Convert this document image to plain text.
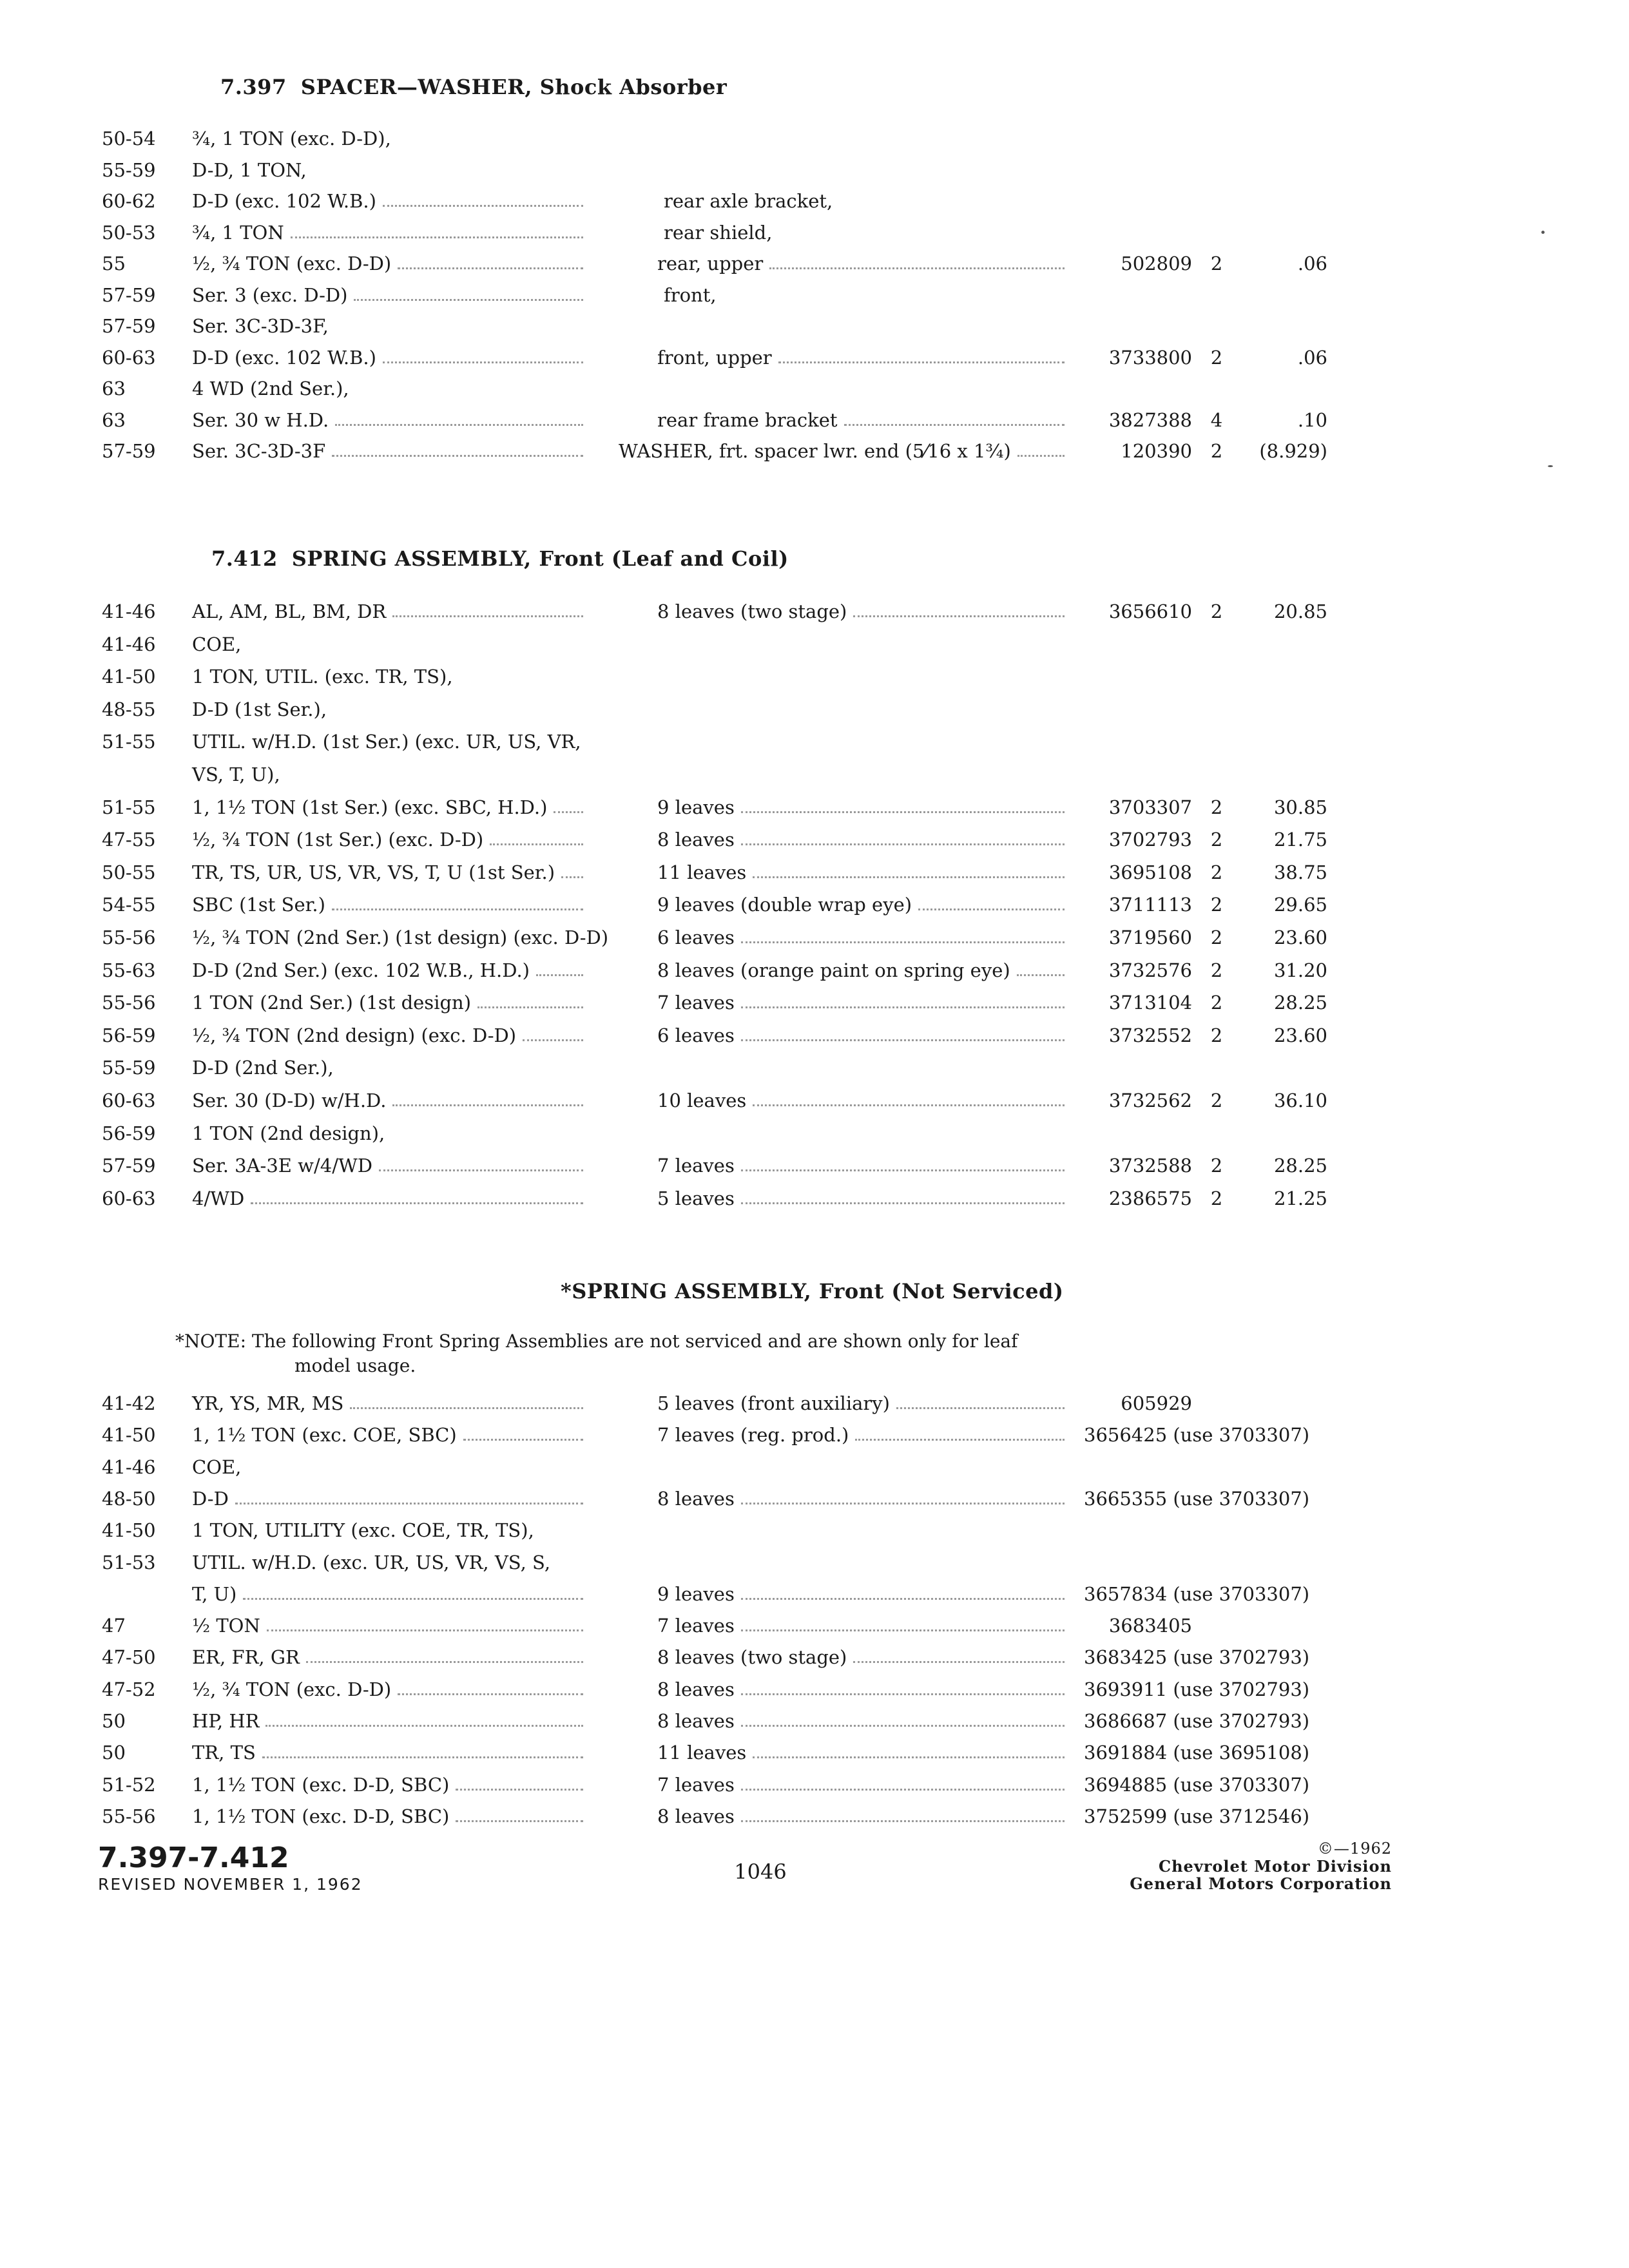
7.397 SPACER—WASHER, Shock Absorber
50-54	¾, 1 TON (exc. D-D),
55-59	D-D, 1 TON,
60-62	D-D (exc. 102 W.B.)	rear axle bracket,
50-53	¾, 1 TON	rear shield,
55	½, ¾ TON (exc. D-D)	rear, upper	502809 2	.06
57-59	Ser. 3 (exc. D-D)	front,
57-59	Ser. 3C-3D-3F,
60-63	D-D (exc. 102 W.B.)	front, upper	3733800 2	.06
63	4 WD (2nd Ser.),
63	Ser. 30 w H.D.	rear frame bracket	3827388 4	.10
57-59	Ser. 3C-3D-3F	WASHER, frt. spacer lwr. end (5⁄16 x 1¾)	120390 2	(8.929)
7.412 SPRING ASSEMBLY, Front (Leaf and Coil)
41-46	AL, AM, BL, BM, DR	8 leaves (two stage)	3656610 2	20.85
41-46	COE,
41-50	1 TON, UTIL. (exc. TR, TS),
48-55	D-D (1st Ser.),
51-55	UTIL. w/H.D. (1st Ser.) (exc. UR, US, VR,
VS, T, U),
51-55	1, 1½ TON (1st Ser.) (exc. SBC, H.D.)	9 leaves	3703307 2	30.85
47-55	½, ¾ TON (1st Ser.) (exc. D-D)	8 leaves	3702793 2	21.75
50-55	TR, TS, UR, US, VR, VS, T, U (1st Ser.)	11 leaves	3695108 2	38.75
54-55	SBC (1st Ser.)	9 leaves (double wrap eye)	3711113 2	29.65
55-56	½, ¾ TON (2nd Ser.) (1st design) (exc. D-D)	6 leaves	3719560 2	23.60
55-63	D-D (2nd Ser.) (exc. 102 W.B., H.D.)	8 leaves (orange paint on spring eye)	3732576 2	31.20
55-56	1 TON (2nd Ser.) (1st design)	7 leaves	3713104 2	28.25
56-59	½, ¾ TON (2nd design) (exc. D-D)	6 leaves	3732552 2	23.60
55-59	D-D (2nd Ser.),
60-63	Ser. 30 (D-D) w/H.D.	10 leaves	3732562 2	36.10
56-59	1 TON (2nd design),
57-59	Ser. 3A-3E w/4/WD	7 leaves	3732588 2	28.25
60-63	4/WD	5 leaves	2386575 2	21.25
*SPRING ASSEMBLY, Front (Not Serviced)
*NOTE: The following Front Spring Assemblies are not serviced and are shown only for leaf
model usage.
41-42	YR, YS, MR, MS	5 leaves (front auxiliary)	605929
41-50	1, 1½ TON (exc. COE, SBC)	7 leaves (reg. prod.)	3656425 (use 3703307)
41-46	COE,
48-50	D-D	8 leaves	3665355 (use 3703307)
41-50	1 TON, UTILITY (exc. COE, TR, TS),
51-53	UTIL. w/H.D. (exc. UR, US, VR, VS, S,
T, U)	9 leaves	3657834 (use 3703307)
47	½ TON	7 leaves	3683405
47-50	ER, FR, GR	8 leaves (two stage)	3683425 (use 3702793)
47-52	½, ¾ TON (exc. D-D)	8 leaves	3693911 (use 3702793)
50	HP, HR	8 leaves	3686687 (use 3702793)
50	TR, TS	11 leaves	3691884 (use 3695108)
51-52	1, 1½ TON (exc. D-D, SBC)	7 leaves	3694885 (use 3703307)
55-56	1, 1½ TON (exc. D-D, SBC)	8 leaves	3752599 (use 3712546)
7.397-7.412
REVISED NOVEMBER 1, 1962
1046
©—1962
Chevrolet Motor Division
General Motors Corporation
